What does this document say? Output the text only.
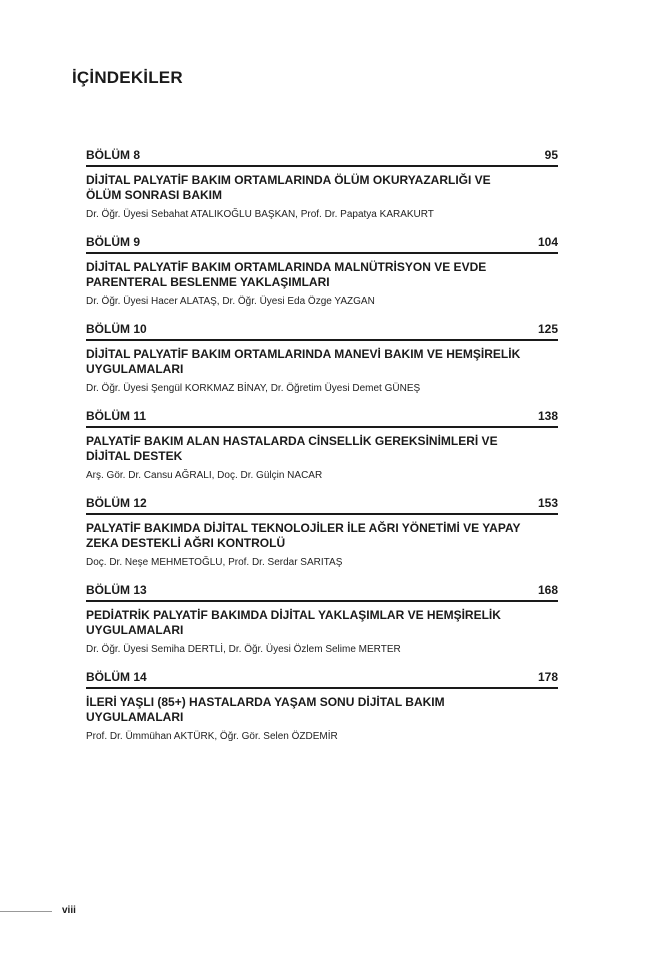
İÇİNDEKİLER
BÖLÜM 8	95
DİJİTAL PALYATİF BAKIM ORTAMLARINDA ÖLÜM OKURYAZARLIĞI VE ÖLÜM SONRASI BAKIM
Dr. Öğr. Üyesi Sebahat ATALIKOĞLU BAŞKAN, Prof. Dr. Papatya KARAKURT
BÖLÜM 9	104
DİJİTAL PALYATİF BAKIM ORTAMLARINDA MALNÜTRİSYON VE EVDE PARENTERAL BESLENME YAKLAŞIMLARI
Dr. Öğr. Üyesi Hacer ALATAŞ, Dr. Öğr. Üyesi Eda Özge YAZGAN
BÖLÜM 10	125
DİJİTAL PALYATİF BAKIM ORTAMLARINDA MANEVİ BAKIM VE HEMŞİRELİK UYGULAMALARI
Dr. Öğr. Üyesi Şengül KORKMAZ BİNAY, Dr. Öğretim Üyesi Demet GÜNEŞ
BÖLÜM 11	138
PALYATİF BAKIM ALAN HASTALARDA CİNSELLİK GEREKSİNİMLERİ VE DİJİTAL DESTEK
Arş. Gör. Dr. Cansu AĞRALI, Doç. Dr. Gülçin NACAR
BÖLÜM 12	153
PALYATİF BAKIMDA DİJİTAL TEKNOLOJİLER İLE AĞRI YÖNETİMİ VE YAPAY ZEKA DESTEKLİ AĞRI KONTROLÜ
Doç. Dr. Neşe MEHMETOĞLU, Prof. Dr. Serdar SARITAŞ
BÖLÜM 13	168
PEDİATRİK PALYATİF BAKIMDA DİJİTAL YAKLAŞIMLAR VE HEMŞİRELİK UYGULAMALARI
Dr. Öğr. Üyesi Semiha DERTLİ, Dr. Öğr. Üyesi Özlem Selime MERTER
BÖLÜM 14	178
İLERİ YAŞLI (85+) HASTALARDA YAŞAM SONU DİJİTAL BAKIM UYGULAMALARI
Prof. Dr. Ümmühan AKTÜRK, Öğr. Gör. Selen ÖZDEMİR
viii
